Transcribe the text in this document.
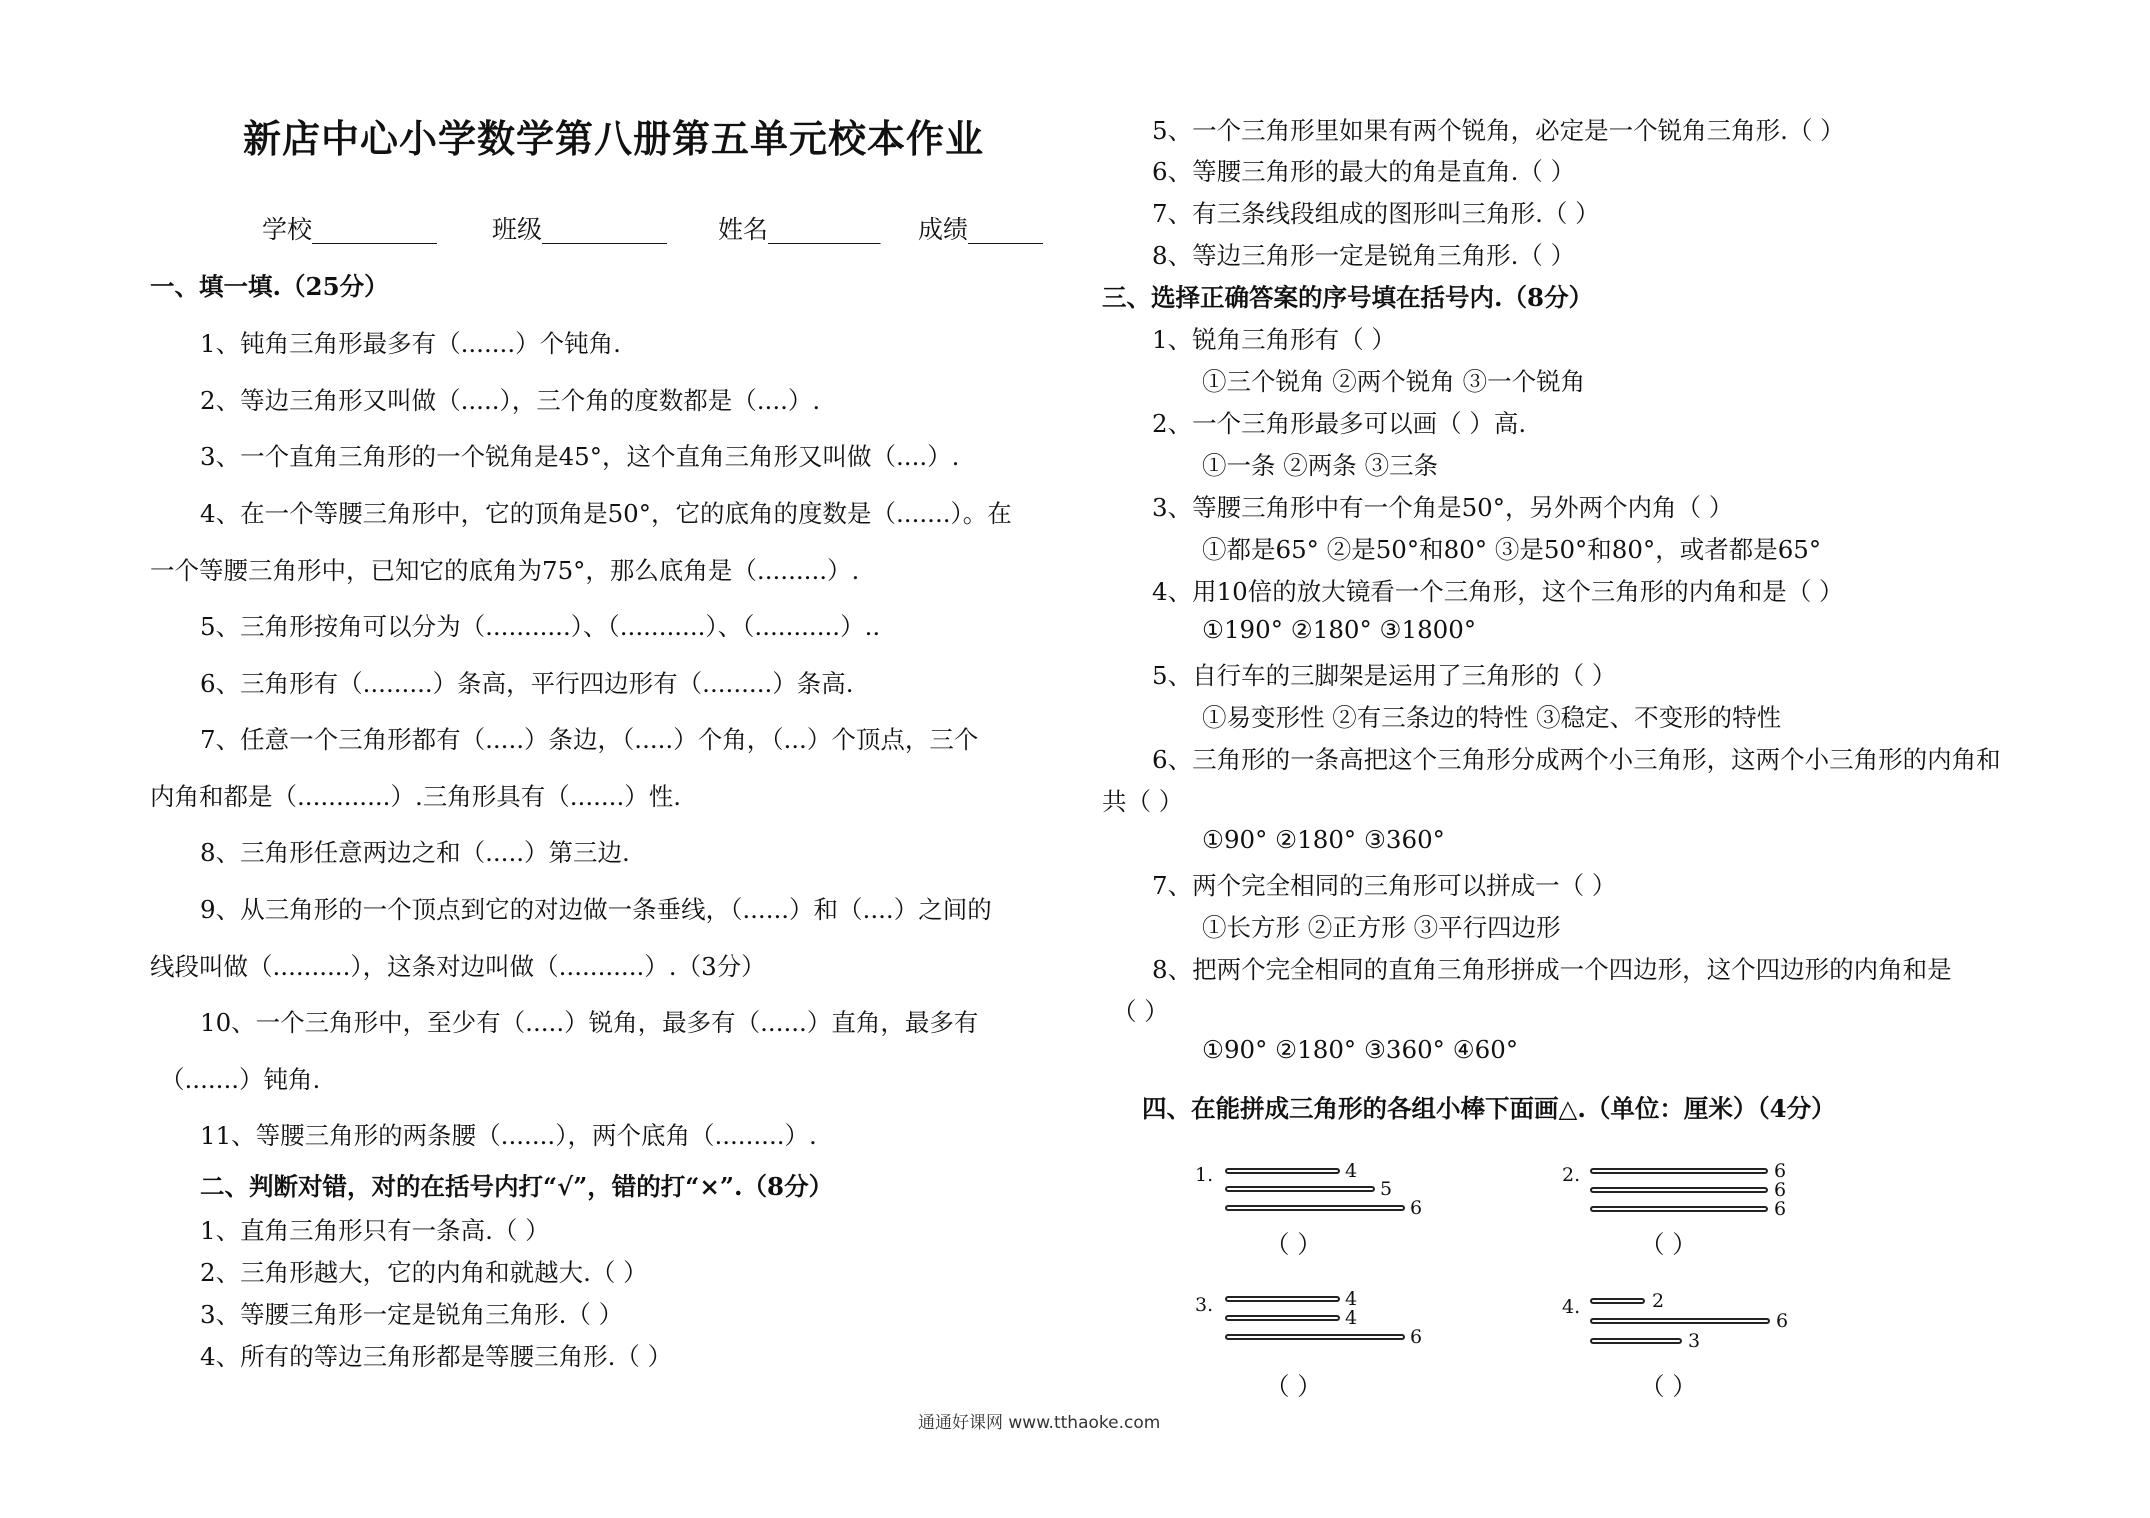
新店中心小学数学第八册第五单元校本作业
学校__________ 班级__________ 姓名_________ 成绩______
一、填一填.（25分）
1、钝角三角形最多有（.......）个钝角.
2、等边三角形又叫做（.....），三个角的度数都是（....）.
3、一个直角三角形的一个锐角是45°，这个直角三角形又叫做（....）.
4、在一个等腰三角形中，它的顶角是50°，它的底角的度数是（.......）。在
一个等腰三角形中，已知它的底角为75°，那么底角是（.........）.
5、三角形按角可以分为（...........）、（...........）、（...........）..
6、三角形有（.........）条高，平行四边形有（.........）条高.
7、任意一个三角形都有（.....）条边，（.....）个角，（...）个顶点，三个
内角和都是（............）.三角形具有（.......）性.
8、三角形任意两边之和（.....）第三边.
9、从三角形的一个顶点到它的对边做一条垂线，（......）和（....）之间的
线段叫做（..........），这条对边叫做（...........）.（3分）
10、一个三角形中，至少有（.....）锐角，最多有（......）直角，最多有
（.......）钝角.
11、等腰三角形的两条腰（.......），两个底角（.........）.
二、判断对错，对的在括号内打“√”，错的打“×”.（8分）
1、直角三角形只有一条高.（ ）
2、三角形越大，它的内角和就越大.（ ）
3、等腰三角形一定是锐角三角形.（ ）
4、所有的等边三角形都是等腰三角形.（ ）
5、一个三角形里如果有两个锐角，必定是一个锐角三角形.（ ）
6、等腰三角形的最大的角是直角.（ ）
7、有三条线段组成的图形叫三角形.（ ）
8、等边三角形一定是锐角三角形.（ ）
三、选择正确答案的序号填在括号内.（8分）
1、锐角三角形有（ ）
①三个锐角 ②两个锐角 ③一个锐角
2、一个三角形最多可以画（ ）高.
①一条 ②两条 ③三条
3、等腰三角形中有一个角是50°，另外两个内角（ ）
①都是65° ②是50°和80° ③是50°和80°，或者都是65°
4、用10倍的放大镜看一个三角形，这个三角形的内角和是（ ）
①190° ②180° ③1800°
5、自行车的三脚架是运用了三角形的（ ）
①易变形性 ②有三条边的特性 ③稳定、不变形的特性
6、三角形的一条高把这个三角形分成两个小三角形，这两个小三角形的内角和
共（ ）
①90° ②180° ③360°
7、两个完全相同的三角形可以拼成一（ ）
①长方形 ②正方形 ③平行四边形
8、把两个完全相同的直角三角形拼成一个四边形，这个四边形的内角和是
（ ）
①90° ②180° ③360° ④60°
四、在能拼成三角形的各组小棒下面画△.（单位：厘米）（4分）
1.	4
5
6
（ ）
2.	6
6
6
（ ）
3.	4
4
6
（ ）
4.	2
6
3
（ ）
通通好课网 www.tthaoke.com
